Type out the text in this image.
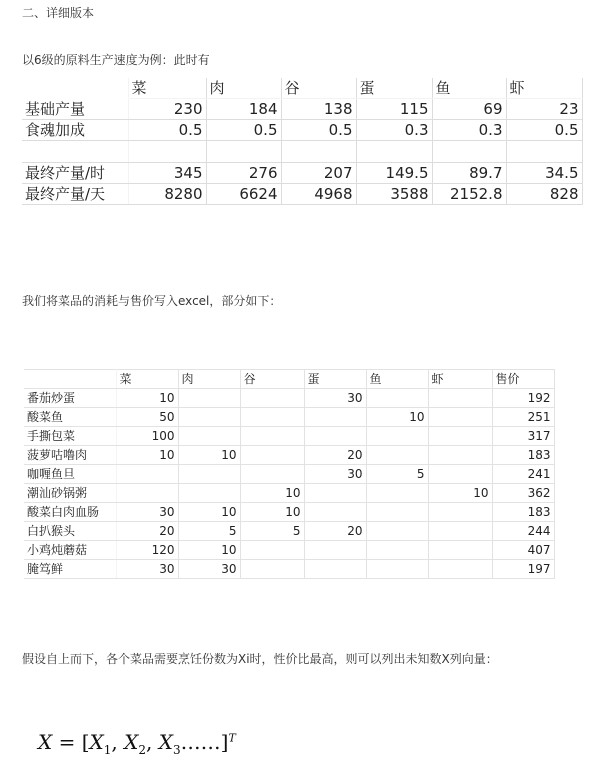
二、详细版本
以6级的原料生产速度为例：此时有
	菜	肉	谷	蛋	鱼	虾
基础产量	230	184	138	115	69	23
食魂加成	0.5	0.5	0.5	0.3	0.3	0.5

最终产量/时	345	276	207	149.5	89.7	34.5
最终产量/天	8280	6624	4968	3588	2152.8	828
我们将菜品的消耗与售价写入excel，部分如下：
	菜	肉	谷	蛋	鱼	虾	售价
番茄炒蛋	10			30			192
酸菜鱼	50				10		251
手撕包菜	100						317
菠萝咕噜肉	10	10		20			183
咖喱鱼旦				30	5		241
潮汕砂锅粥			10			10	362
酸菜白肉血肠	30	10	10				183
白扒猴头	20	5	5	20			244
小鸡炖蘑菇	120	10					407
腌笃鲜	30	30					197
假设自上而下，各个菜品需要烹饪份数为Xi时，性价比最高，则可以列出未知数X列向量：
$X = [X_1$, $X_2$, $X_3\dots\dots]^T$
